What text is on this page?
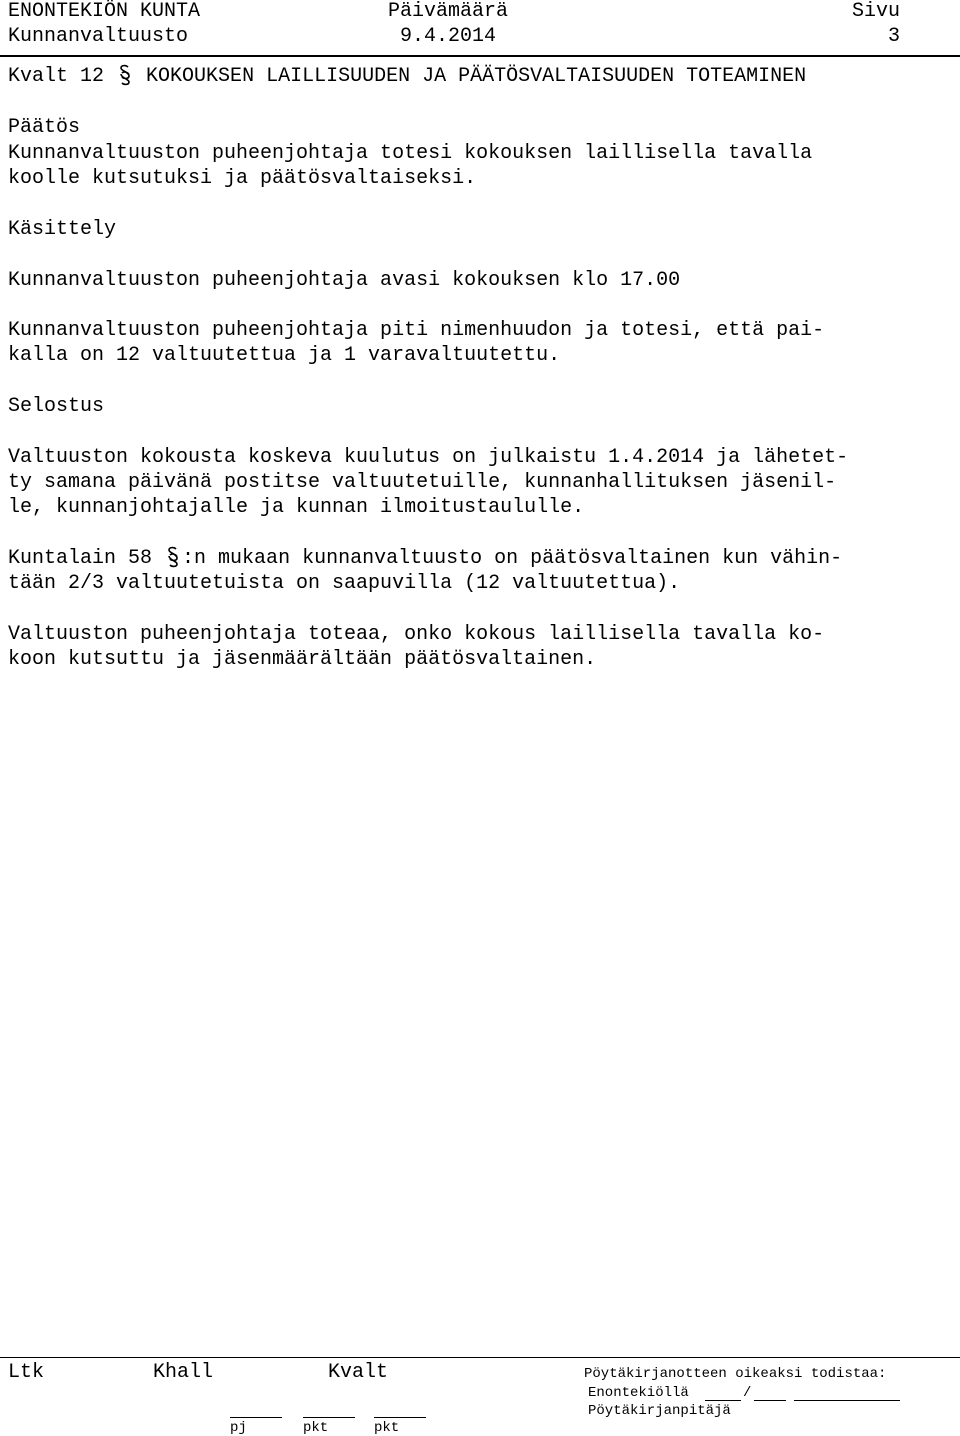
ENONTEKIÖN KUNTA	Päivämäärä	Sivu
Kunnanvaltuusto	9.4.2014	3
Kvalt 12 KOKOUKSEN LAILLISUUDEN JA PÄÄTÖSVALTAISUUDEN TOTEAMINEN
Päätös
Kunnanvaltuuston puheenjohtaja totesi kokouksen laillisella tavalla
koolle kutsutuksi ja päätösvaltaiseksi.
Käsittely
Kunnanvaltuuston puheenjohtaja avasi kokouksen klo 17.00
Kunnanvaltuuston puheenjohtaja piti nimenhuudon ja totesi, että pai-
kalla on 12 valtuutettua ja 1 varavaltuutettu.
Selostus
Valtuuston kokousta koskeva kuulutus on julkaistu 1.4.2014 ja lähetet-
ty samana päivänä postitse valtuutetuille, kunnanhallituksen jäsenil-
le, kunnanjohtajalle ja kunnan ilmoitustaululle.
Kuntalain 58 :n mukaan kunnanvaltuusto on päätösvaltainen kun vähin-
tään 2/3 valtuutetuista on saapuvilla (12 valtuutettua).
Valtuuston puheenjohtaja toteaa, onko kokous laillisella tavalla ko-
koon kutsuttu ja jäsenmäärältään päätösvaltainen.
Ltk	Khall	Kvalt	Pöytäkirjanotteen oikeaksi todistaa:
Enontekiöllä	/
Pöytäkirjanpitäjä
pj	pkt	pkt
